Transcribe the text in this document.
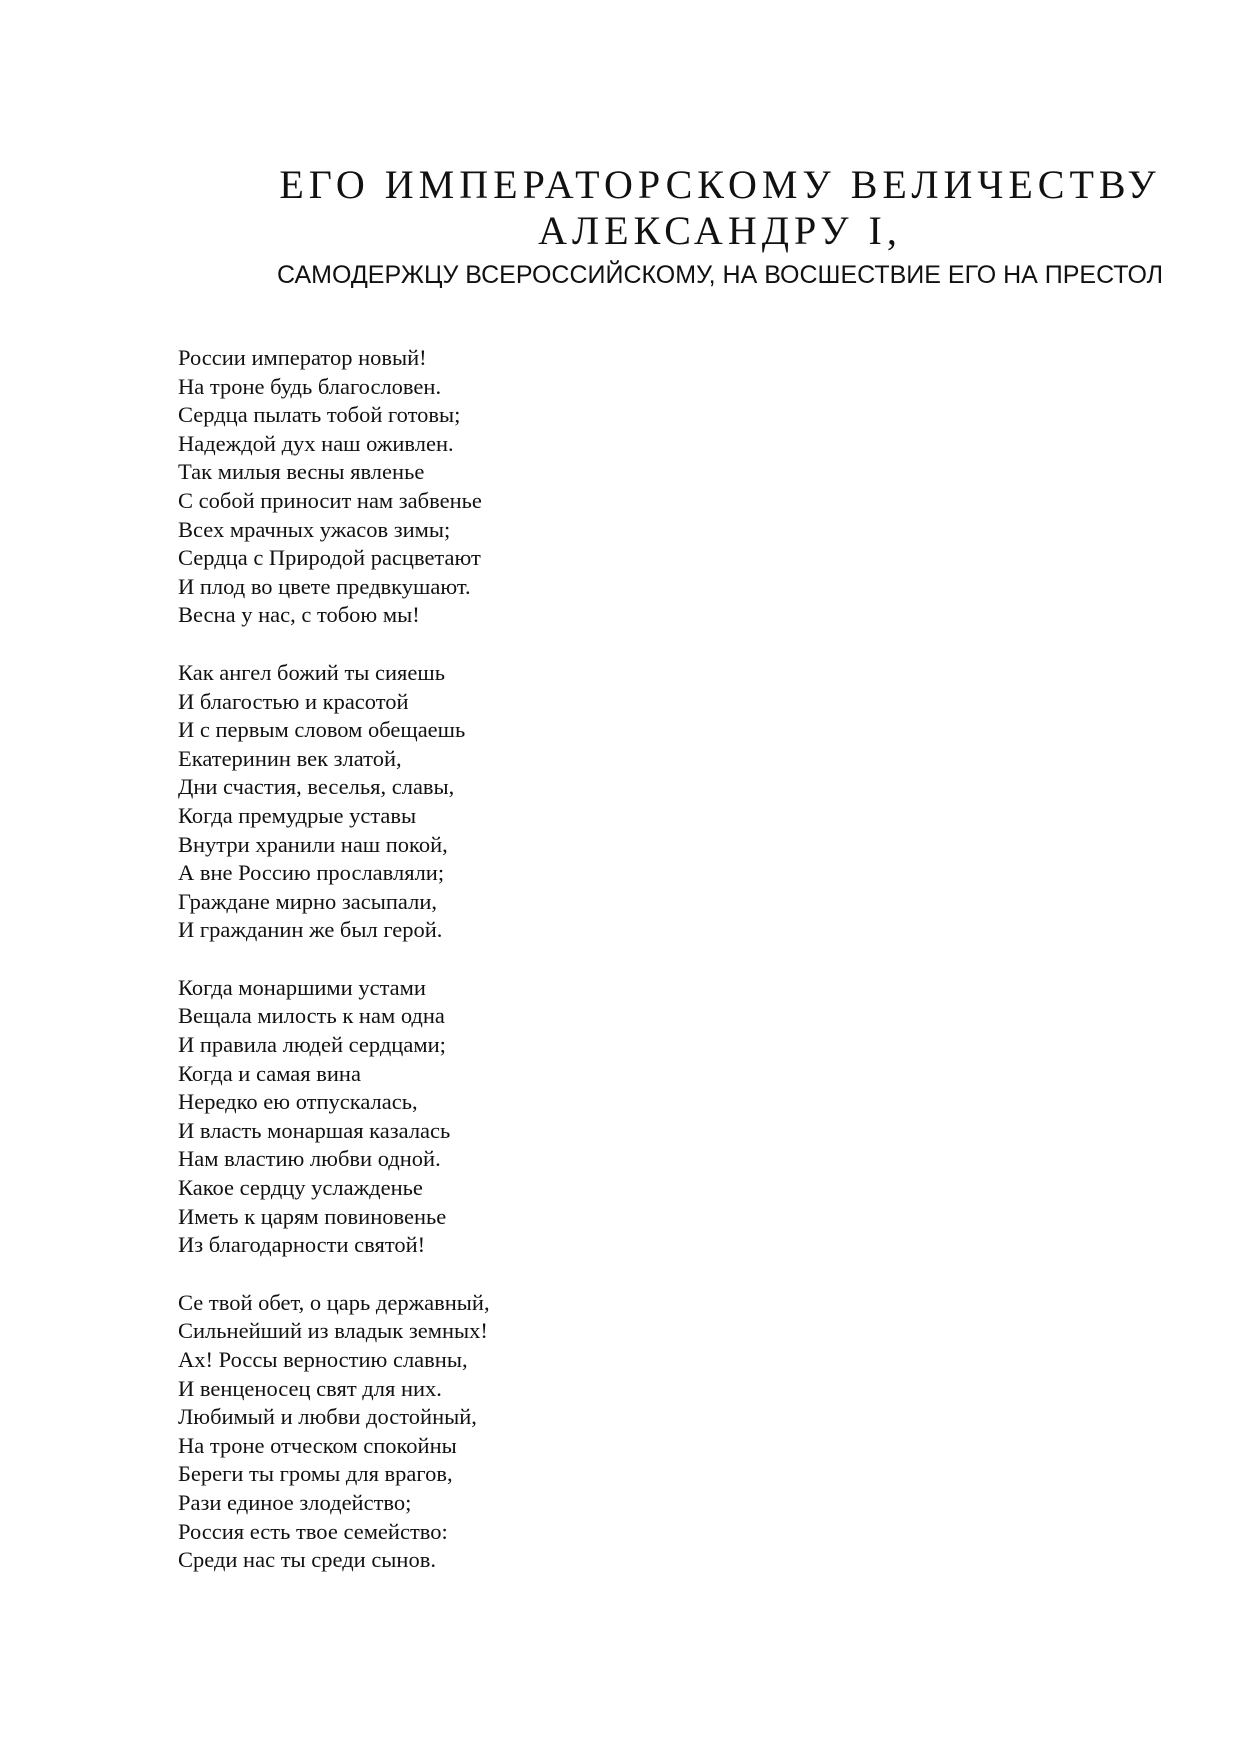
ЕГО ИМПЕРАТОРСКОМУ ВЕЛИЧЕСТВУ
АЛЕКСАНДРУ I,
САМОДЕРЖЦУ ВСЕРОССИЙСКОМУ, НА ВОСШЕСТВИЕ ЕГО НА ПРЕСТОЛ
России император новый!
На троне будь благословен.
Сердца пылать тобой готовы;
Надеждой дух наш оживлен.
Так милыя весны явленье
С собой приносит нам забвенье
Всех мрачных ужасов зимы;
Сердца с Природой расцветают
И плод во цвете предвкушают.
Весна у нас, с тобою мы!
Как ангел божий ты сияешь
И благостью и красотой
И с первым словом обещаешь
Екатеринин век златой,
Дни счастия, веселья, славы,
Когда премудрые уставы
Внутри хранили наш покой,
А вне Россию прославляли;
Граждане мирно засыпали,
И гражданин же был герой.
Когда монаршими устами
Вещала милость к нам одна
И правила людей сердцами;
Когда и самая вина
Нередко ею отпускалась,
И власть монаршая казалась
Нам властию любви одной.
Какое сердцу услажденье
Иметь к царям повиновенье
Из благодарности святой!
Се твой обет, о царь державный,
Сильнейший из владык земных!
Ах! Россы верностию славны,
И венценосец свят для них.
Любимый и любви достойный,
На троне отческом спокойны
Береги ты громы для врагов,
Рази единое злодейство;
Россия есть твое семейство:
Среди нас ты среди сынов.
